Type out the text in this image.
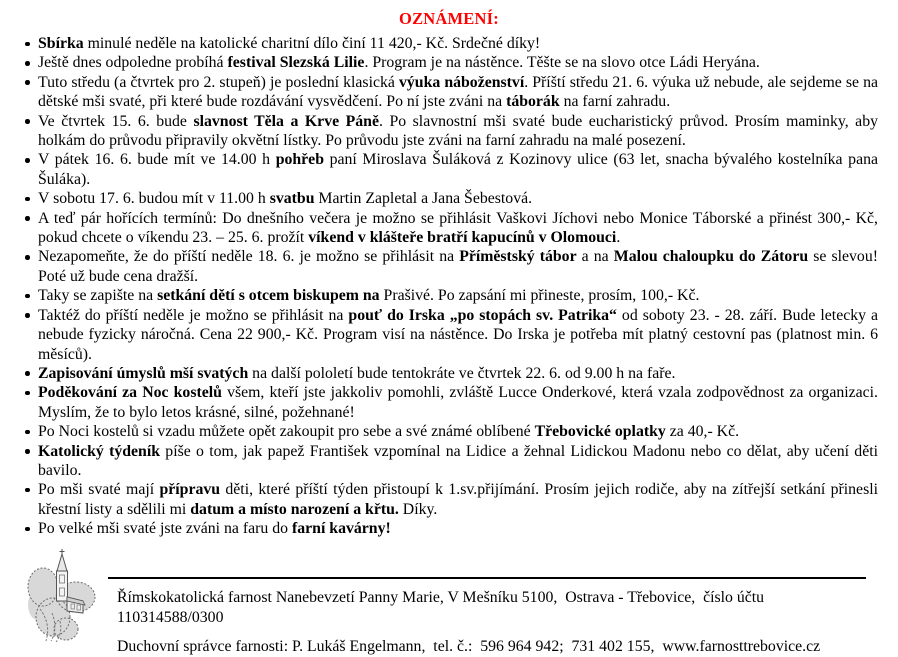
OZNÁMENÍ:
Sbírka minulé neděle na katolické charitní dílo činí 11 420,- Kč. Srdečné díky!
Ještě dnes odpoledne probíhá festival Slezská Lilie. Program je na nástěnce. Těšte se na slovo otce Ládi Heryána.
Tuto středu (a čtvrtek pro 2. stupeň) je poslední klasická výuka náboženství. Příští středu 21. 6. výuka už nebude, ale sejdeme se na dětské mši svaté, při které bude rozdávání vysvědčení. Po ní jste zváni na táborák na farní zahradu.
Ve čtvrtek 15. 6. bude slavnost Těla a Krve Páně. Po slavnostní mši svaté bude eucharistický průvod. Prosím maminky, aby holkám do průvodu připravily okvětní lístky. Po průvodu jste zváni na farní zahradu na malé posezení.
V pátek 16. 6. bude mít ve 14.00 h pohřeb paní Miroslava Šuláková z Kozinovy ulice (63 let, snacha bývalého kostelníka pana Šuláka).
V sobotu 17. 6. budou mít v 11.00 h svatbu Martin Zapletal a Jana Šebestová.
A teď pár hořících termínů: Do dnešního večera je možno se přihlásit Vaškovi Jíchovi nebo Monice Táborské a přinést 300,- Kč, pokud chcete o víkendu 23. – 25. 6. prožít víkend v klášteře bratří kapucínů v Olomouci.
Nezapomeňte, že do příští neděle 18. 6. je možno se přihlásit na Příměstský tábor a na Malou chaloupku do Zátoru se slevou! Poté už bude cena dražší.
Taky se zapište na setkání dětí s otcem biskupem na Prašivé. Po zapsání mi přineste, prosím, 100,- Kč.
Taktéž do příští neděle je možno se přihlásit na pouť do Irska „po stopách sv. Patrika“ od soboty 23. - 28. září. Bude letecky a nebude fyzicky náročná. Cena 22 900,- Kč. Program visí na nástěnce. Do Irska je potřeba mít platný cestovní pas (platnost min. 6 měsíců).
Zapisování úmyslů mší svatých na další pololetí bude tentokráte ve čtvrtek 22. 6. od 9.00 h na faře.
Poděkování za Noc kostelů všem, kteří jste jakkoliv pomohli, zvláště Lucce Onderkové, která vzala zodpovědnost za organizaci. Myslím, že to bylo letos krásné, silné, požehnané!
Po Noci kostelů si vzadu můžete opět zakoupit pro sebe a své známé oblíbené Třebovické oplatky za 40,- Kč.
Katolický týdeník píše o tom, jak papež František vzpomínal na Lidice a žehnal Lidickou Madonu nebo co dělat, aby učení děti bavilo.
Po mši svaté mají přípravu děti, které příští týden přistoupí k 1.sv.přijímání. Prosím jejich rodiče, aby na zítřejší setkání přinesli křestní listy a sdělili mi datum a místo narození a křtu. Díky.
Po velké mši svaté jste zváni na faru do farní kavárny!
Římskokatolická farnost Nanebevzetí Panny Marie, V Mešníku 5100,  Ostrava - Třebovice,  číslo účtu 110314588/0300
Duchovní správce farnosti: P. Lukáš Engelmann,  tel. č.:  596 964 942;  731 402 155,  www.farnosttrebovice.cz
